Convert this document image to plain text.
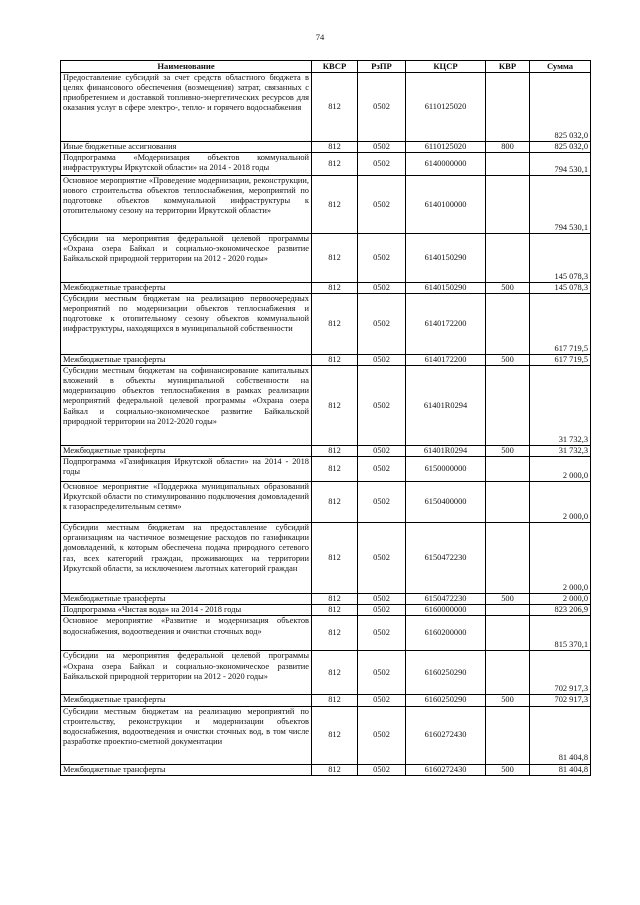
74
Наименование	КВСР	РзПР	КЦСР	КВР	Сумма
Предоставление субсидий за счет средств областного бюджета в целях финансового обеспечения (возмещения) затрат, связанных с приобретением и доставкой топливно-энергетических ресурсов для оказания услуг в сфере электро-, тепло- и горячего водоснабжения	812	0502	6110125020		825 032,0
Иные бюджетные ассигнования	812	0502	6110125020	800	825 032,0
Подпрограмма «Модернизация объектов коммунальной инфраструктуры Иркутской области» на 2014 - 2018 годы	812	0502	6140000000		794 530,1
Основное мероприятие «Проведение модернизации, реконструкции, нового строительства объектов теплоснабжения, мероприятий по подготовке объектов коммунальной инфраструктуры к отопительному сезону на территории Иркутской области»	812	0502	6140100000		794 530,1
Субсидии на мероприятия федеральной целевой программы «Охрана озера Байкал и социально-экономическое развитие Байкальской природной территории на 2012 - 2020 годы»	812	0502	6140150290		145 078,3
Межбюджетные трансферты	812	0502	6140150290	500	145 078,3
Субсидии местным бюджетам на реализацию первоочередных мероприятий по модернизации объектов теплоснабжения и подготовке к отопительному сезону объектов коммунальной инфраструктуры, находящихся в муниципальной собственности	812	0502	6140172200		617 719,5
Межбюджетные трансферты	812	0502	6140172200	500	617 719,5
Субсидии местным бюджетам на софинансирование капитальных вложений в объекты муниципальной собственности на модернизацию объектов теплоснабжения в рамках реализации мероприятий федеральной целевой программы «Охрана озера Байкал и социально-экономическое развитие Байкальской природной территории на 2012-2020 годы»	812	0502	61401R0294		31 732,3
Межбюджетные трансферты	812	0502	61401R0294	500	31 732,3
Подпрограмма «Газификация Иркутской области» на 2014 - 2018 годы	812	0502	6150000000		2 000,0
Основное мероприятие «Поддержка муниципальных образований Иркутской области по стимулированию подключения домовладений к газораспределительным сетям»	812	0502	6150400000		2 000,0
Субсидии местным бюджетам на предоставление субсидий организациям на частичное возмещение расходов по газификации домовладений, к которым обеспечена подача природного сетевого газ, всех категорий граждан, проживающих на территории Иркутской области, за исключением льготных категорий граждан	812	0502	6150472230		2 000,0
Межбюджетные трансферты	812	0502	6150472230	500	2 000,0
Подпрограмма «Чистая вода» на 2014 - 2018 годы	812	0502	6160000000		823 206,9
Основное мероприятие «Развитие и модернизация объектов водоснабжения, водоотведения и очистки сточных вод»	812	0502	6160200000		815 370,1
Субсидии на мероприятия федеральной целевой программы «Охрана озера Байкал и социально-экономическое развитие Байкальской природной территории на 2012 - 2020 годы»	812	0502	6160250290		702 917,3
Межбюджетные трансферты	812	0502	6160250290	500	702 917,3
Субсидии местным бюджетам на реализацию мероприятий по строительству, реконструкции и модернизации объектов водоснабжения, водоотведения и очистки сточных вод, в том числе разработке проектно-сметной документации	812	0502	6160272430		81 404,8
Межбюджетные трансферты	812	0502	6160272430	500	81 404,8
